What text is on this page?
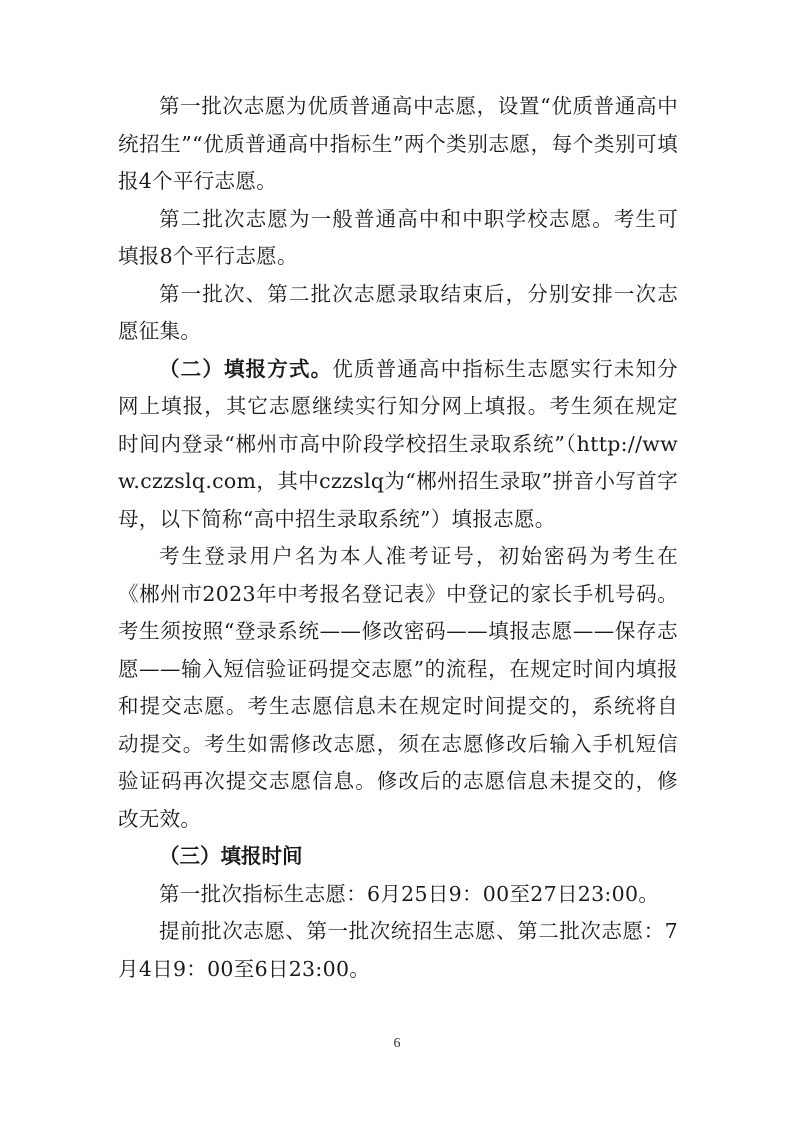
第一批次志愿为优质普通高中志愿，设置“优质普通高中统招生”“优质普通高中指标生”两个类别志愿，每个类别可填报4个平行志愿。

第二批次志愿为一般普通高中和中职学校志愿。考生可填报8个平行志愿。

第一批次、第二批次志愿录取结束后，分别安排一次志愿征集。

（二）填报方式。优质普通高中指标生志愿实行未知分网上填报，其它志愿继续实行知分网上填报。考生须在规定时间内登录“郴州市高中阶段学校招生录取系统”（http://www.czzslq.com，其中czzslq为“郴州招生录取”拼音小写首字母，以下简称“高中招生录取系统”）填报志愿。

考生登录用户名为本人准考证号，初始密码为考生在《郴州市2023年中考报名登记表》中登记的家长手机号码。考生须按照“登录系统——修改密码——填报志愿——保存志愿——输入短信验证码提交志愿”的流程，在规定时间内填报和提交志愿。考生志愿信息未在规定时间提交的，系统将自动提交。考生如需修改志愿，须在志愿修改后输入手机短信验证码再次提交志愿信息。修改后的志愿信息未提交的，修改无效。

（三）填报时间

第一批次指标生志愿：6月25日9：00至27日23:00。

提前批次志愿、第一批次统招生志愿、第二批次志愿：7月4日9：00至6日23:00。

6
